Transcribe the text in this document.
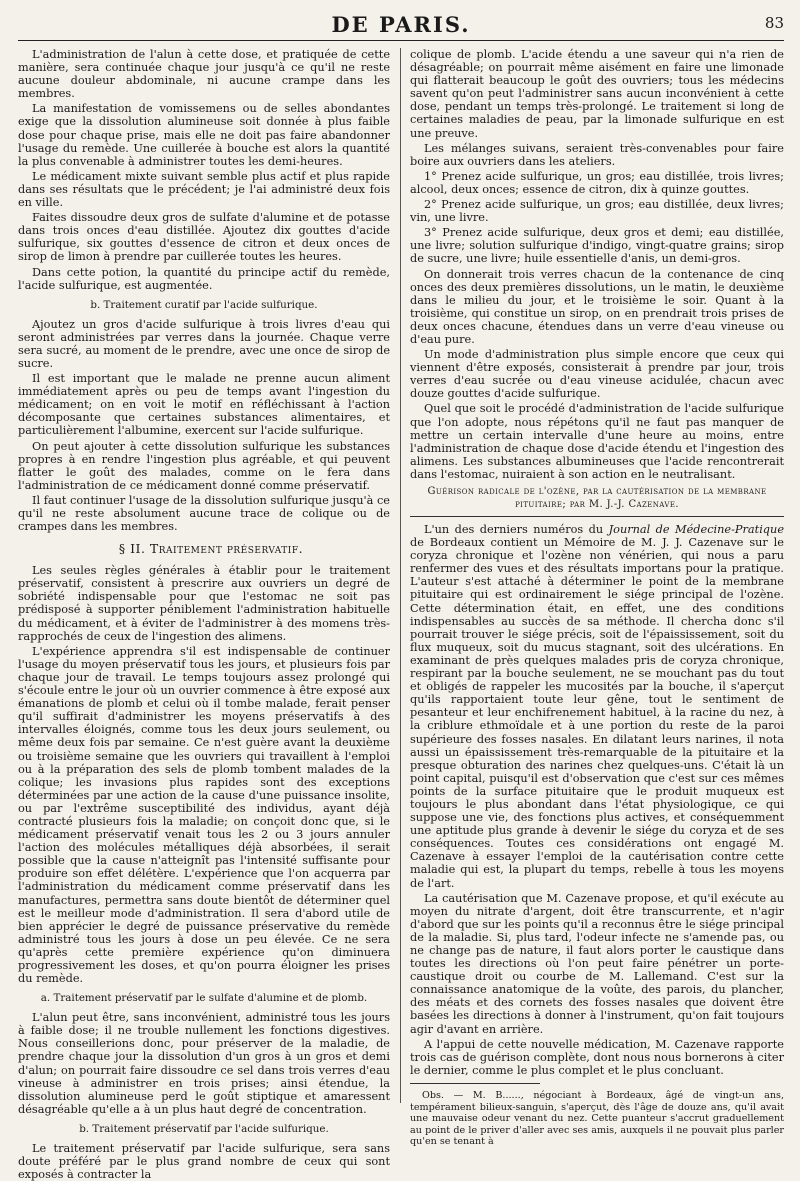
DE PARIS.	83

L'administration de l'alun à cette dose, et pratiquée de cette manière, sera continuée chaque jour jusqu'à ce qu'il ne reste aucune douleur abdominale, ni aucune crampe dans les membres.

La manifestation de vomissemens ou de selles abondantes exige que la dissolution alumineuse soit donnée à plus faible dose pour chaque prise, mais elle ne doit pas faire abandonner l'usage du remède. Une cuillerée à bouche est alors la quantité la plus convenable à administrer toutes les demi-heures.

Le médicament mixte suivant semble plus actif et plus rapide dans ses résultats que le précédent; je l'ai administré deux fois en ville.

Faites dissoudre deux gros de sulfate d'alumine et de potasse dans trois onces d'eau distillée. Ajoutez dix gouttes d'acide sulfurique, six gouttes d'essence de citron et deux onces de sirop de limon à prendre par cuillerée toutes les heures.

Dans cette potion, la quantité du principe actif du remède, l'acide sulfurique, est augmentée.

b. Traitement curatif par l'acide sulfurique.

Ajoutez un gros d'acide sulfurique à trois livres d'eau qui seront administrées par verres dans la journée. Chaque verre sera sucré, au moment de le prendre, avec une once de sirop de sucre.

Il est important que le malade ne prenne aucun aliment immédiatement après ou peu de temps avant l'ingestion du médicament; on en voit le motif en réfléchissant à l'action décomposante que certaines substances alimentaires, et particulièrement l'albumine, exercent sur l'acide sulfurique.

On peut ajouter à cette dissolution sulfurique les substances propres à en rendre l'ingestion plus agréable, et qui peuvent flatter le goût des malades, comme on le fera dans l'administration de ce médicament donné comme préservatif.

Il faut continuer l'usage de la dissolution sulfurique jusqu'à ce qu'il ne reste absolument aucune trace de colique ou de crampes dans les membres.

§ II. Traitement préservatif.

Les seules règles générales à établir pour le traitement préservatif, consistent à prescrire aux ouvriers un degré de sobriété indispensable pour que l'estomac ne soit pas prédisposé à supporter péniblement l'administration habituelle du médicament, et à éviter de l'administrer à des momens très-rapprochés de ceux de l'ingestion des alimens.

L'expérience apprendra s'il est indispensable de continuer l'usage du moyen préservatif tous les jours, et plusieurs fois par chaque jour de travail. Le temps toujours assez prolongé qui s'écoule entre le jour où un ouvrier commence à être exposé aux émanations de plomb et celui où il tombe malade, ferait penser qu'il suffirait d'administrer les moyens préservatifs à des intervalles éloignés, comme tous les deux jours seulement, ou même deux fois par semaine. Ce n'est guère avant la deuxième ou troisième semaine que les ouvriers qui travaillent à l'emploi ou à la préparation des sels de plomb tombent malades de la colique; les invasions plus rapides sont des exceptions déterminées par une action de la cause d'une puissance insolite, ou par l'extrême susceptibilité des individus, ayant déjà contracté plusieurs fois la maladie; on conçoit donc que, si le médicament préservatif venait tous les 2 ou 3 jours annuler l'action des molécules métalliques déjà absorbées, il serait possible que la cause n'atteignît pas l'intensité suffisante pour produire son effet délétère. L'expérience que l'on acquerra par l'administration du médicament comme préservatif dans les manufactures, permettra sans doute bientôt de déterminer quel est le meilleur mode d'administration. Il sera d'abord utile de bien apprécier le degré de puissance préservative du remède administré tous les jours à dose un peu élevée. Ce ne sera qu'après cette première expérience qu'on diminuera progressivement les doses, et qu'on pourra éloigner les prises du remède.

a. Traitement préservatif par le sulfate d'alumine et de plomb.

L'alun peut être, sans inconvénient, administré tous les jours à faible dose; il ne trouble nullement les fonctions digestives. Nous conseillerions donc, pour préserver de la maladie, de prendre chaque jour la dissolution d'un gros à un gros et demi d'alun; on pourrait faire dissoudre ce sel dans trois verres d'eau vineuse à administrer en trois prises; ainsi étendue, la dissolution alumineuse perd le goût stiptique et amaressent désagréable qu'elle a à un plus haut degré de concentration.

b. Traitement préservatif par l'acide sulfurique.

Le traitement préservatif par l'acide sulfurique, sera sans doute préféré par le plus grand nombre de ceux qui sont exposés à contracter la

colique de plomb. L'acide étendu a une saveur qui n'a rien de désagréable; on pourrait même aisément en faire une limonade qui flatterait beaucoup le goût des ouvriers; tous les médecins savent qu'on peut l'administrer sans aucun inconvénient à cette dose, pendant un temps très-prolongé. Le traitement si long de certaines maladies de peau, par la limonade sulfurique en est une preuve.

Les mélanges suivans, seraient très-convenables pour faire boire aux ouvriers dans les ateliers.

1° Prenez acide sulfurique, un gros; eau distillée, trois livres; alcool, deux onces; essence de citron, dix à quinze gouttes.

2° Prenez acide sulfurique, un gros; eau distillée, deux livres; vin, une livre.

3° Prenez acide sulfurique, deux gros et demi; eau distillée, une livre; solution sulfurique d'indigo, vingt-quatre grains; sirop de sucre, une livre; huile essentielle d'anis, un demi-gros.

On donnerait trois verres chacun de la contenance de cinq onces des deux premières dissolutions, un le matin, le deuxième dans le milieu du jour, et le troisième le soir. Quant à la troisième, qui constitue un sirop, on en prendrait trois prises de deux onces chacune, étendues dans un verre d'eau vineuse ou d'eau pure.

Un mode d'administration plus simple encore que ceux qui viennent d'être exposés, consisterait à prendre par jour, trois verres d'eau sucrée ou d'eau vineuse acidulée, chacun avec douze gouttes d'acide sulfurique.

Quel que soit le procédé d'administration de l'acide sulfurique que l'on adopte, nous répétons qu'il ne faut pas manquer de mettre un certain intervalle d'une heure au moins, entre l'administration de chaque dose d'acide étendu et l'ingestion des alimens. Les substances albumineuses que l'acide rencontrerait dans l'estomac, nuiraient à son action en le neutralisant.

Guérison radicale de l'ozène, par la cautérisation de la membrane pituitaire; par M. J.-J. Cazenave.

L'un des derniers numéros du Journal de Médecine-Pratique de Bordeaux contient un Mémoire de M. J. J. Cazenave sur le coryza chronique et l'ozène non vénérien, qui nous a paru renfermer des vues et des résultats importans pour la pratique. L'auteur s'est attaché à déterminer le point de la membrane pituitaire qui est ordinairement le siége principal de l'ozène. Cette détermination était, en effet, une des conditions indispensables au succès de sa méthode. Il chercha donc s'il pourrait trouver le siége précis, soit de l'épaississement, soit du flux muqueux, soit du mucus stagnant, soit des ulcérations. En examinant de près quelques malades pris de coryza chronique, respirant par la bouche seulement, ne se mouchant pas du tout et obligés de rappeler les mucosités par la bouche, il s'aperçut qu'ils rapportaient toute leur gêne, tout le sentiment de pesanteur et leur enchifrenement habituel, à la racine du nez, à la criblure ethmoïdale et à une portion du reste de la paroi supérieure des fosses nasales. En dilatant leurs narines, il nota aussi un épaississement très-remarquable de la pituitaire et la presque obturation des narines chez quelques-uns. C'était là un point capital, puisqu'il est d'observation que c'est sur ces mêmes points de la surface pituitaire que le produit muqueux est toujours le plus abondant dans l'état physiologique, ce qui suppose une vie, des fonctions plus actives, et conséquemment une aptitude plus grande à devenir le siége du coryza et de ses conséquences. Toutes ces considérations ont engagé M. Cazenave à essayer l'emploi de la cautérisation contre cette maladie qui est, la plupart du temps, rebelle à tous les moyens de l'art.

La cautérisation que M. Cazenave propose, et qu'il exécute au moyen du nitrate d'argent, doit être transcurrente, et n'agir d'abord que sur les points qu'il a reconnus être le siége principal de la maladie. Si, plus tard, l'odeur infecte ne s'amende pas, ou ne change pas de nature, il faut alors porter le caustique dans toutes les directions où l'on peut faire pénétrer un porte-caustique droit ou courbe de M. Lallemand. C'est sur la connaissance anatomique de la voûte, des parois, du plancher, des méats et des cornets des fosses nasales que doivent être basées les directions à donner à l'instrument, qu'on fait toujours agir d'avant en arrière.

A l'appui de cette nouvelle médication, M. Cazenave rapporte trois cas de guérison complète, dont nous nous bornerons à citer le dernier, comme le plus complet et le plus concluant.

Obs. — M. B......, négociant à Bordeaux, âgé de vingt-un ans, tempérament bilieux-sanguin, s'aperçut, dès l'âge de douze ans, qu'il avait une mauvaise odeur venant du nez. Cette puanteur s'accrut graduellement au point de le priver d'aller avec ses amis, auxquels il ne pouvait plus parler qu'en se tenant à
